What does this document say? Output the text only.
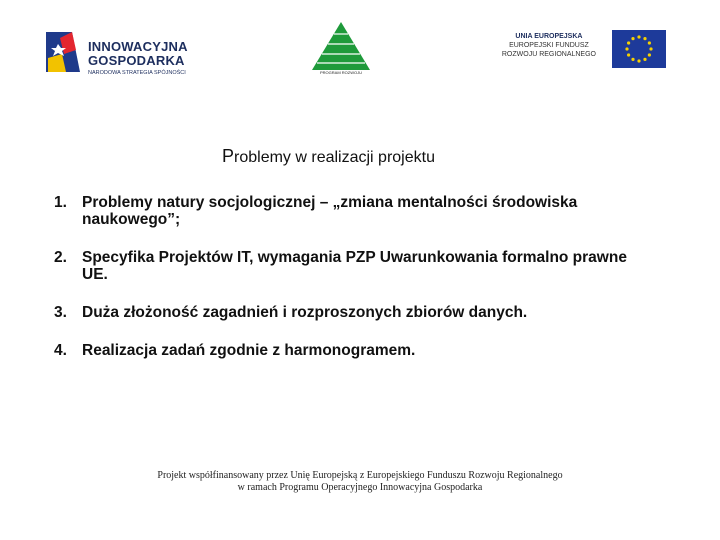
INNOWACYJNA
GOSPODARKA
NARODOWA STRATEGIA SPÓJNOŚCI	PROGRAM ROZWOJU
UNIA EUROPEJSKA
EUROPEJSKI FUNDUSZ
ROZWOJU REGIONALNEGO
Problemy w realizacji projektu
1. Problemy natury socjologicznej – „zmiana mentalności środowiska naukowego”;
2. Specyfika Projektów IT, wymagania PZP Uwarunkowania formalno prawne UE.
3. Duża złożoność zagadnień i rozproszonych zbiorów danych.
4. Realizacja zadań zgodnie z harmonogramem.
Projekt współfinansowany przez Unię Europejską z Europejskiego Funduszu Rozwoju Regionalnego
w ramach Programu Operacyjnego Innowacyjna Gospodarka
